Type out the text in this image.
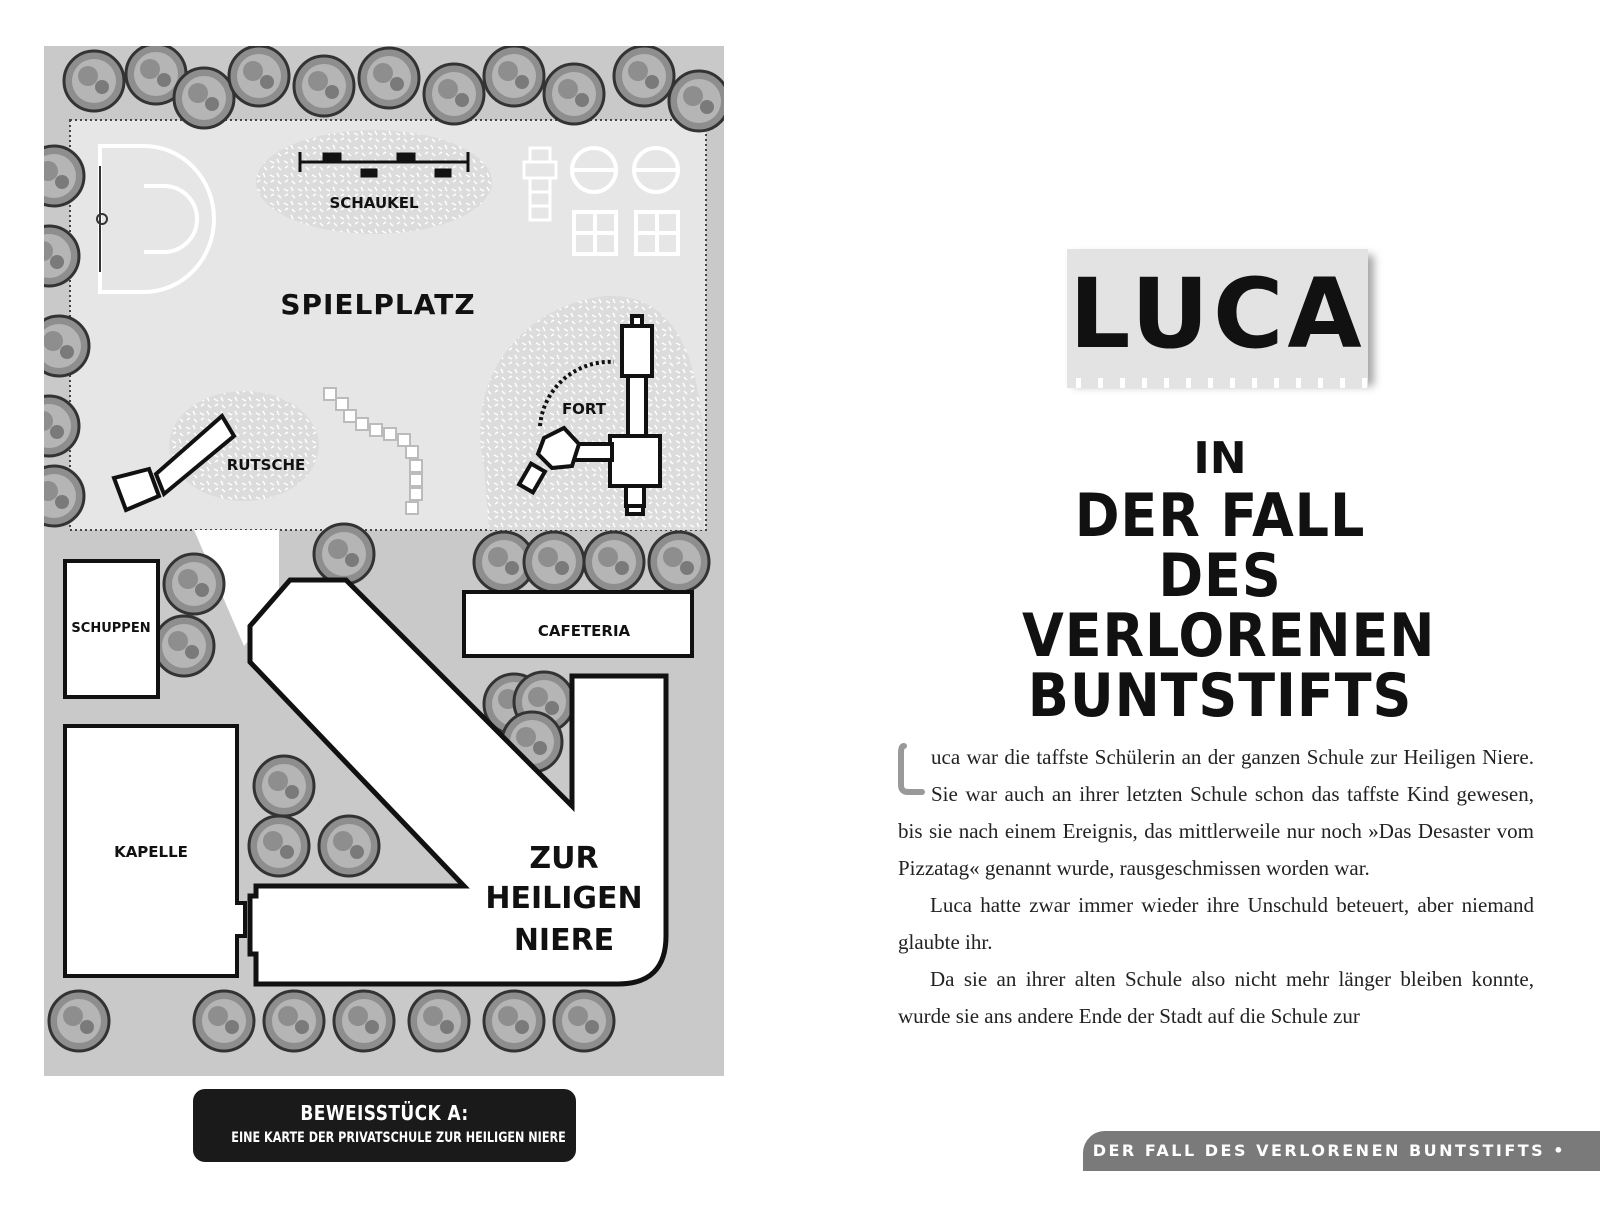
SCHAUKEL
SPIELPLATZ
RUTSCHE
FORT
SCHUPPEN
KAPELLE
CAFETERIA
ZUR
HEILIGEN
NIERE
BEWEISSTÜCK A:
EINE KARTE DER PRIVATSCHULE ZUR HEILIGEN NIERE
LUCA
IN
DER FALL DES
VERLORENEN
BUNTSTIFTS
L

uca war die taffste Schülerin an der ganzen Schule zur Heiligen Niere. Sie war auch an ihrer letzten Schule schon das taffste Kind gewesen, bis sie nach einem Ereignis, das mittlerweile nur noch »Das Desaster vom Pizzatag« genannt wurde, rausgeschmissen worden war.

Luca hatte zwar immer wieder ihre Unschuld beteuert, aber niemand glaubte ihr.

Da sie an ihrer alten Schule also nicht mehr länger bleiben konnte, wurde sie ans andere Ende der Stadt auf die Schule zur

DER FALL DES VERLORENEN BUNTSTIFTS • 27
